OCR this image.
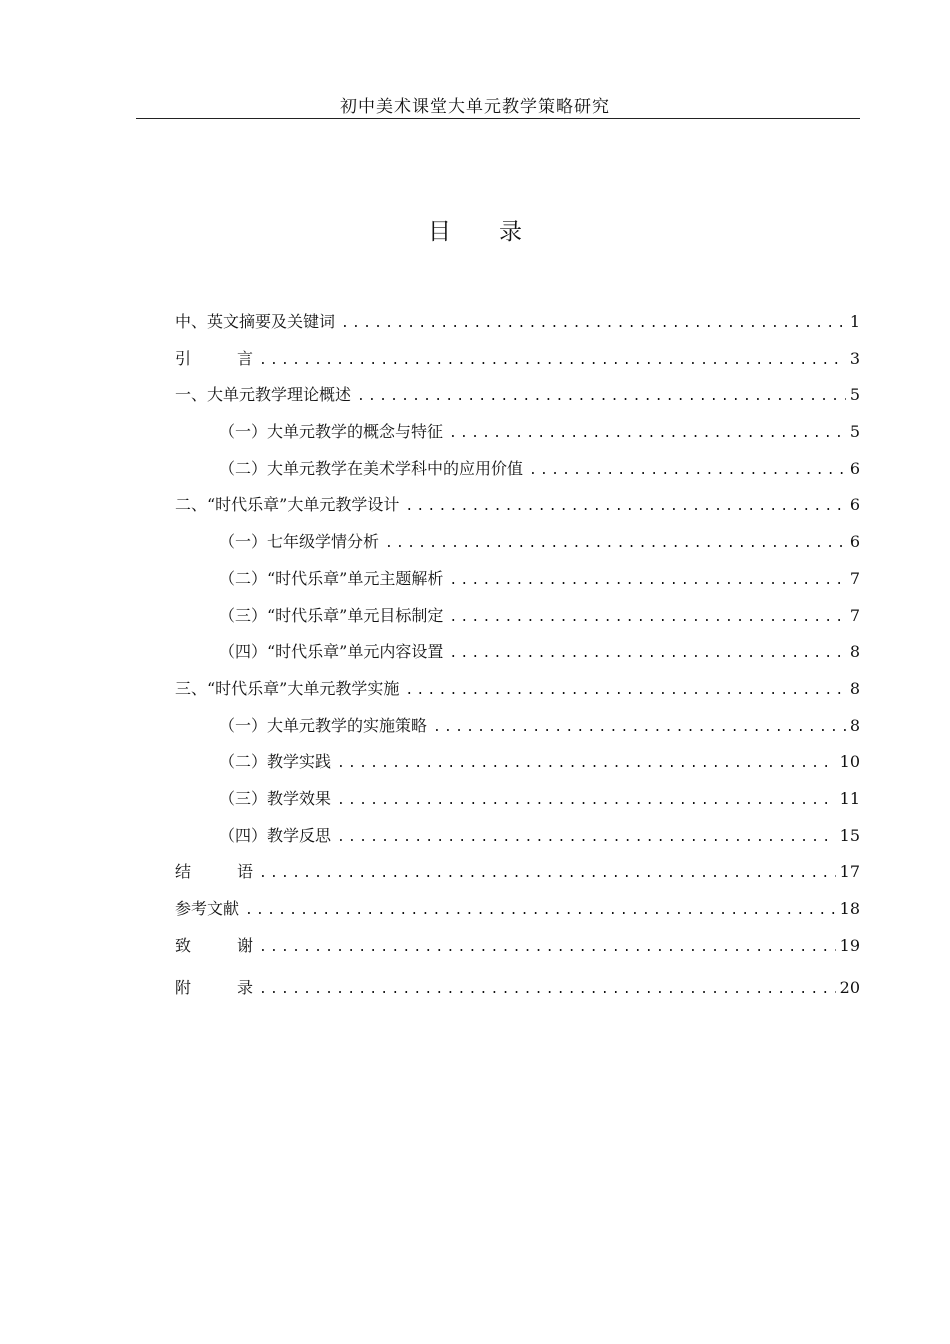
初中美术课堂大单元教学策略研究
目 录
中、英文摘要及关键词 .....	1
引	言 .....	3
一、大单元教学理论概述 .....	5
（一）大单元教学的概念与特征 .....	5
（二）大单元教学在美术学科中的应用价值 .....	6
二、“时代乐章”大单元教学设计 .....	6
（一）七年级学情分析 .....	6
（二）“时代乐章”单元主题解析 .....	7
（三）“时代乐章”单元目标制定 .....	7
（四）“时代乐章”单元内容设置 .....	8
三、“时代乐章”大单元教学实施 .....	8
（一）大单元教学的实施策略 .....	8
（二）教学实践 .....	10
（三）教学效果 .....	11
（四）教学反思 .....	15
结	语 .....	17
参考文献 .....	18
致	谢 .....	19
附	录 .....	20
